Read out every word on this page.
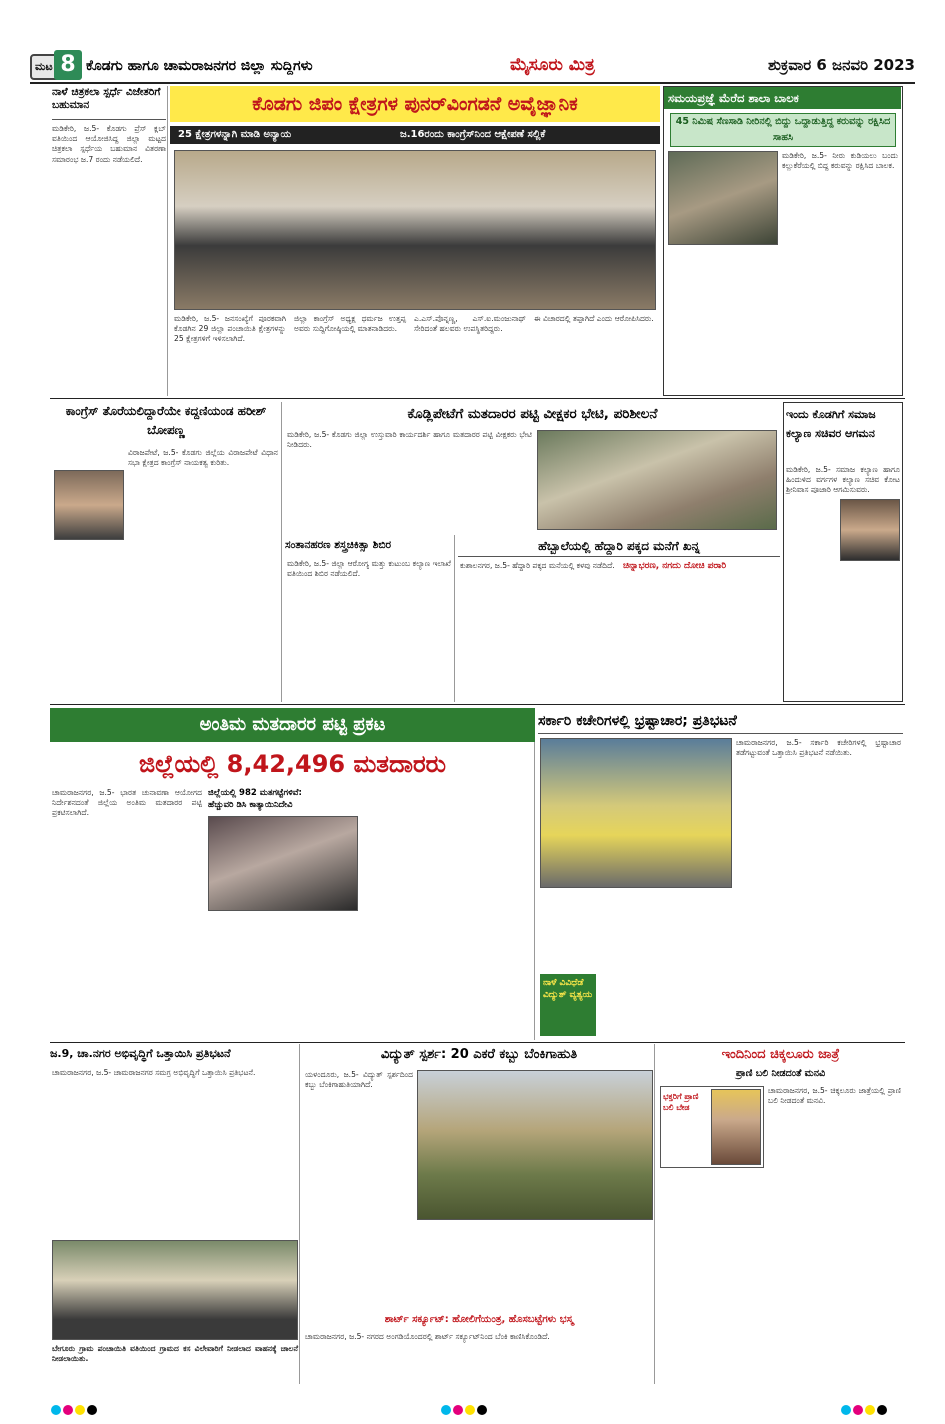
ಮಟ 8 ಕೊಡಗು ಹಾಗೂ ಚಾಮರಾಜನಗರ ಜಿಲ್ಲಾ ಸುದ್ದಿಗಳು	ಮೈಸೂರು ಮಿತ್ರ	ಶುಕ್ರವಾರ 6 ಜನವರಿ 2023
ನಾಳೆ ಚಿತ್ರಕಲಾ ಸ್ಪರ್ಧೆ ವಿಜೇತರಿಗೆ ಬಹುಮಾನ
ಮಡಿಕೇರಿ, ಜ.5- ಕೊಡಗು ಪ್ರೆಸ್ ಕ್ಲಬ್ ವತಿಯಿಂದ ಆಯೋಜಿಸಿದ್ದ ಜಿಲ್ಲಾ ಮಟ್ಟದ ಚಿತ್ರಕಲಾ ಸ್ಪರ್ಧೆಯ ಬಹುಮಾನ ವಿತರಣಾ ಸಮಾರಂಭ ಜ.7 ರಂದು ನಡೆಯಲಿದೆ.
ಕೊಡಗು ಜಿಪಂ ಕ್ಷೇತ್ರಗಳ ಪುನರ್‌ವಿಂಗಡನೆ ಅವೈಜ್ಞಾನಿಕ
25 ಕ್ಷೇತ್ರಗಳನ್ನಾಗಿ ಮಾಡಿ ಅನ್ಯಾಯ	ಜ.16ರಂದು ಕಾಂಗ್ರೆಸ್‌ನಿಂದ ಆಕ್ಷೇಪಣೆ ಸಲ್ಲಿಕೆ
ಮಡಿಕೇರಿ, ಜ.5- ಜನಸಂಖ್ಯೆಗೆ ಪೂರಕವಾಗಿ ಕೊಡಗಿನ 29 ಜಿಲ್ಲಾ ಪಂಚಾಯಿತಿ ಕ್ಷೇತ್ರಗಳನ್ನು 25 ಕ್ಷೇತ್ರಗಳಿಗೆ ಇಳಿಸಲಾಗಿದೆ.
ಜಿಲ್ಲಾ ಕಾಂಗ್ರೆಸ್ ಅಧ್ಯಕ್ಷ ಧರ್ಮಜ ಉತ್ತಪ್ಪ ಅವರು ಸುದ್ದಿಗೋಷ್ಠಿಯಲ್ಲಿ ಮಾತನಾಡಿದರು.
ಎ.ಎಸ್.ಪೊನ್ನಣ್ಣ, ಎಸ್.ಐ.ಮಂಜುನಾಥ್ ಸೇರಿದಂತೆ ಹಲವರು ಉಪಸ್ಥಿತರಿದ್ದರು.
ಈ ವಿಚಾರದಲ್ಲಿ ತಪ್ಪಾಗಿದೆ ಎಂದು ಆರೋಪಿಸಿದರು.
ಸಮಯಪ್ರಜ್ಞೆ ಮೆರೆದ ಶಾಲಾ ಬಾಲಕ
45 ನಿಮಿಷ ಸೆಣಸಾಡಿ ನೀರಿನಲ್ಲಿ ಬಿದ್ದು ಒದ್ದಾಡುತ್ತಿದ್ದ ಕರುವನ್ನು ರಕ್ಷಿಸಿದ ಸಾಹಸಿ
ಮಡಿಕೇರಿ, ಜ.5- ನೀರು ಕುಡಿಯಲು ಬಂದು ಕಲ್ಲುಕೆರೆಯಲ್ಲಿ ಬಿದ್ದ ಕರುವನ್ನು ರಕ್ಷಿಸಿದ ಬಾಲಕ.
ಕಾಂಗ್ರೆಸ್ ತೊರೆಯಲಿದ್ದಾರೆಯೇ ಕದ್ದಣಿಯಂಡ ಹರೀಶ್ ಬೋಪಣ್ಣ
ವಿರಾಜಪೇಟೆ, ಜ.5- ಕೊಡಗು ಜಿಲ್ಲೆಯ ವಿರಾಜಪೇಟೆ ವಿಧಾನ ಸಭಾ ಕ್ಷೇತ್ರದ ಕಾಂಗ್ರೆಸ್ ನಾಯಕತ್ವ ಕುರಿತು.
ಕೊಡ್ಲಿಪೇಟೆಗೆ ಮತದಾರರ ಪಟ್ಟಿ ವೀಕ್ಷಕರ ಭೇಟಿ, ಪರಿಶೀಲನೆ
ಮಡಿಕೇರಿ, ಜ.5- ಕೊಡಗು ಜಿಲ್ಲಾ ಉಸ್ತುವಾರಿ ಕಾರ್ಯದರ್ಶಿ ಹಾಗೂ ಮತದಾರರ ಪಟ್ಟಿ ವೀಕ್ಷಕರು ಭೇಟಿ ನೀಡಿದರು.
ಇಂದು ಕೊಡಗಿಗೆ ಸಮಾಜ ಕಲ್ಯಾಣ ಸಚಿವರ ಆಗಮನ
ಮಡಿಕೇರಿ, ಜ.5- ಸಮಾಜ ಕಲ್ಯಾಣ ಹಾಗೂ ಹಿಂದುಳಿದ ವರ್ಗಗಳ ಕಲ್ಯಾಣ ಸಚಿವ ಕೋಟ ಶ್ರೀನಿವಾಸ ಪೂಜಾರಿ ಆಗಮಿಸುವರು.
ಸಂತಾನಹರಣ ಶಸ್ತ್ರಚಿಕಿತ್ಸಾ ಶಿಬಿರ
ಮಡಿಕೇರಿ, ಜ.5- ಜಿಲ್ಲಾ ಆರೋಗ್ಯ ಮತ್ತು ಕುಟುಂಬ ಕಲ್ಯಾಣ ಇಲಾಖೆ ವತಿಯಿಂದ ಶಿಬಿರ ನಡೆಯಲಿದೆ.
ಹೆಬ್ಬಾಲೆಯಲ್ಲಿ ಹೆದ್ದಾರಿ ಪಕ್ಕದ ಮನೆಗೆ ಖನ್ನ
ಚಿನ್ನಾಭರಣ, ನಗದು ದೋಚಿ ಪರಾರಿ
ಕುಶಾಲನಗರ, ಜ.5- ಹೆದ್ದಾರಿ ಪಕ್ಕದ ಮನೆಯಲ್ಲಿ ಕಳವು ನಡೆದಿದೆ.
ಅಂತಿಮ ಮತದಾರರ ಪಟ್ಟಿ ಪ್ರಕಟ
ಜಿಲ್ಲೆಯಲ್ಲಿ 8,42,496 ಮತದಾರರು
ಚಾಮರಾಜನಗರ, ಜ.5- ಭಾರತ ಚುನಾವಣಾ ಆಯೋಗದ ನಿರ್ದೇಶನದಂತೆ ಜಿಲ್ಲೆಯ ಅಂತಿಮ ಮತದಾರರ ಪಟ್ಟಿ ಪ್ರಕಟಿಸಲಾಗಿದೆ.
ಜಿಲ್ಲೆಯಲ್ಲಿ 982 ಮತಗಟ್ಟೆಗಳಿವೆ:
ಹೆಚ್ಚುವರಿ ಡಿಸಿ ಕಾತ್ಯಾಯಿನಿದೇವಿ
ಸರ್ಕಾರಿ ಕಚೇರಿಗಳಲ್ಲಿ ಭ್ರಷ್ಟಾಚಾರ; ಪ್ರತಿಭಟನೆ
ಚಾಮರಾಜನಗರ, ಜ.5- ಸರ್ಕಾರಿ ಕಚೇರಿಗಳಲ್ಲಿ ಭ್ರಷ್ಟಾಚಾರ ತಡೆಗಟ್ಟುವಂತೆ ಒತ್ತಾಯಿಸಿ ಪ್ರತಿಭಟನೆ ನಡೆಯಿತು.
ನಾಳೆ ವಿವಿಧೆಡೆ ವಿದ್ಯುತ್ ವ್ಯತ್ಯಯ
ಜ.9, ಚಾ.ನಗರ ಅಭಿವೃದ್ಧಿಗೆ ಒತ್ತಾಯಿಸಿ ಪ್ರತಿಭಟನೆ
ಚಾಮರಾಜನಗರ, ಜ.5- ಚಾಮರಾಜನಗರ ಸಮಗ್ರ ಅಭಿವೃದ್ಧಿಗೆ ಒತ್ತಾಯಿಸಿ ಪ್ರತಿಭಟನೆ.
ಬೇಗೂರು ಗ್ರಾಮ ಪಂಚಾಯಿತಿ ವತಿಯಿಂದ ಗ್ರಾಮದ ಕಸ ವಿಲೇವಾರಿಗೆ ನೀಡಲಾದ ವಾಹನಕ್ಕೆ ಚಾಲನೆ ನೀಡಲಾಯಿತು.
ವಿದ್ಯುತ್ ಸ್ಪರ್ಶ: 20 ಎಕರೆ ಕಬ್ಬು ಬೆಂಕಿಗಾಹುತಿ
ಯಳಂದೂರು, ಜ.5- ವಿದ್ಯುತ್ ಸ್ಪರ್ಶದಿಂದ ಕಬ್ಬು ಬೆಂಕಿಗಾಹುತಿಯಾಗಿದೆ.
ಶಾರ್ಟ್ ಸರ್ಕ್ಯೂಟ್: ಹೋಲಿಗೆಯಂತ್ರ, ಹೊಸಬಟ್ಟೆಗಳು ಭಸ್ಮ
ಚಾಮರಾಜನಗರ, ಜ.5- ನಗರದ ಅಂಗಡಿಯೊಂದರಲ್ಲಿ ಶಾರ್ಟ್ ಸರ್ಕ್ಯೂಟ್‌ನಿಂದ ಬೆಂಕಿ ಕಾಣಿಸಿಕೊಂಡಿದೆ.
ಇಂದಿನಿಂದ ಚಿಕ್ಕಲೂರು ಜಾತ್ರೆ
ಪ್ರಾಣಿ ಬಲಿ ನೀಡದಂತೆ ಮನವಿ
ಭಕ್ತರಿಗೆ ಪ್ರಾಣಿ ಬಲಿ ಬೇಡ
ಚಾಮರಾಜನಗರ, ಜ.5- ಚಿಕ್ಕಲೂರು ಜಾತ್ರೆಯಲ್ಲಿ ಪ್ರಾಣಿ ಬಲಿ ನೀಡದಂತೆ ಮನವಿ.
